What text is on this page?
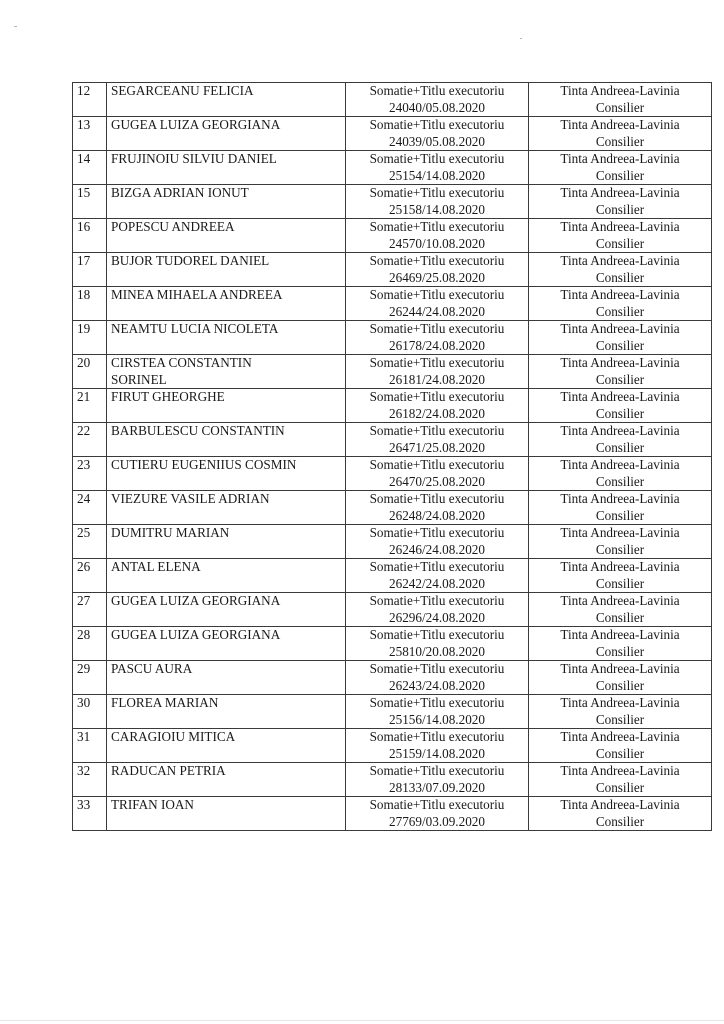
12	SEGARCEANU FELICIA	Somatie+Titlu executoriu
24040/05.08.2020	Tinta Andreea-Lavinia
Consilier

13	GUGEA LUIZA GEORGIANA	Somatie+Titlu executoriu
24039/05.08.2020	Tinta Andreea-Lavinia
Consilier

14	FRUJINOIU SILVIU DANIEL	Somatie+Titlu executoriu
25154/14.08.2020	Tinta Andreea-Lavinia
Consilier

15	BIZGA ADRIAN IONUT	Somatie+Titlu executoriu
25158/14.08.2020	Tinta Andreea-Lavinia
Consilier

16	POPESCU ANDREEA	Somatie+Titlu executoriu
24570/10.08.2020	Tinta Andreea-Lavinia
Consilier

17	BUJOR TUDOREL DANIEL	Somatie+Titlu executoriu
26469/25.08.2020	Tinta Andreea-Lavinia
Consilier

18	MINEA MIHAELA ANDREEA	Somatie+Titlu executoriu
26244/24.08.2020	Tinta Andreea-Lavinia
Consilier

19	NEAMTU LUCIA NICOLETA	Somatie+Titlu executoriu
26178/24.08.2020	Tinta Andreea-Lavinia
Consilier

20	CIRSTEA CONSTANTIN
SORINEL	Somatie+Titlu executoriu
26181/24.08.2020	Tinta Andreea-Lavinia
Consilier

21	FIRUT GHEORGHE	Somatie+Titlu executoriu
26182/24.08.2020	Tinta Andreea-Lavinia
Consilier

22	BARBULESCU CONSTANTIN	Somatie+Titlu executoriu
26471/25.08.2020	Tinta Andreea-Lavinia
Consilier

23	CUTIERU EUGENIIUS COSMIN	Somatie+Titlu executoriu
26470/25.08.2020	Tinta Andreea-Lavinia
Consilier

24	VIEZURE VASILE ADRIAN	Somatie+Titlu executoriu
26248/24.08.2020	Tinta Andreea-Lavinia
Consilier

25	DUMITRU MARIAN	Somatie+Titlu executoriu
26246/24.08.2020	Tinta Andreea-Lavinia
Consilier

26	ANTAL ELENA	Somatie+Titlu executoriu
26242/24.08.2020	Tinta Andreea-Lavinia
Consilier

27	GUGEA LUIZA GEORGIANA	Somatie+Titlu executoriu
26296/24.08.2020	Tinta Andreea-Lavinia
Consilier

28	GUGEA LUIZA GEORGIANA	Somatie+Titlu executoriu
25810/20.08.2020	Tinta Andreea-Lavinia
Consilier

29	PASCU AURA	Somatie+Titlu executoriu
26243/24.08.2020	Tinta Andreea-Lavinia
Consilier

30	FLOREA MARIAN	Somatie+Titlu executoriu
25156/14.08.2020	Tinta Andreea-Lavinia
Consilier

31	CARAGIOIU MITICA	Somatie+Titlu executoriu
25159/14.08.2020	Tinta Andreea-Lavinia
Consilier

32	RADUCAN PETRIA	Somatie+Titlu executoriu
28133/07.09.2020	Tinta Andreea-Lavinia
Consilier

33	TRIFAN IOAN	Somatie+Titlu executoriu
27769/03.09.2020	Tinta Andreea-Lavinia
Consilier
